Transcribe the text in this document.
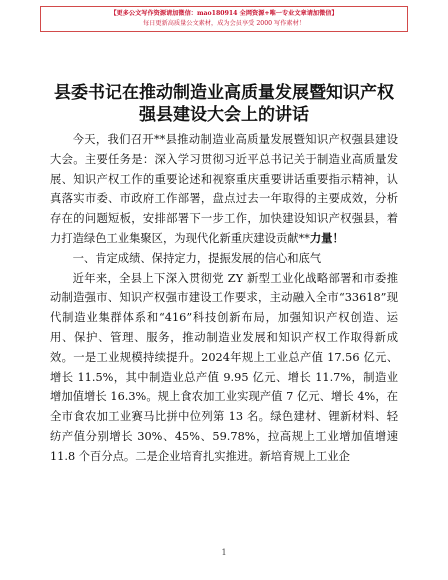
【更多公文写作资源请加微信：mao180914 全网资源+唯一专业文章请加微信】
每日更新高质量公文素材，成为会员享受 2000 写作素材！
县委书记在推动制造业高质量发展暨知识产权
强县建设大会上的讲话

今天，我们召开**县推动制造业高质量发展暨知识产权强县建设大会。主要任务是：深入学习贯彻习近平总书记关于制造业高质量发展、知识产权工作的重要论述和视察重庆重要讲话重要指示精神，认真落实市委、市政府工作部署，盘点过去一年取得的主要成效，分析存在的问题短板，安排部署下一步工作，加快建设知识产权强县，着力打造绿色工业集聚区，为现代化新重庆建设贡献**力量！

一、肯定成绩、保持定力，提振发展的信心和底气

近年来，全县上下深入贯彻党 ZY 新型工业化战略部署和市委推动制造强市、知识产权强市建设工作要求，主动融入全市“33618”现代制造业集群体系和“416”科技创新布局，加强知识产权创造、运用、保护、管理、服务，推动制造业发展和知识产权工作取得新成效。一是工业规模持续提升。2024年规上工业总产值 17.56 亿元、增长 11.5%，其中制造业总产值 9.95 亿元、增长 11.7%，制造业增加值增长 16.3%。规上食农加工业实现产值 7 亿元、增长 4%，在全市食农加工业赛马比拼中位列第 13 名。绿色建材、锂新材料、轻纺产值分别增长 30%、45%、59.78%，拉高规上工业增加值增速11.8 个百分点。二是企业培育扎实推进。新培育规上工业企

1
